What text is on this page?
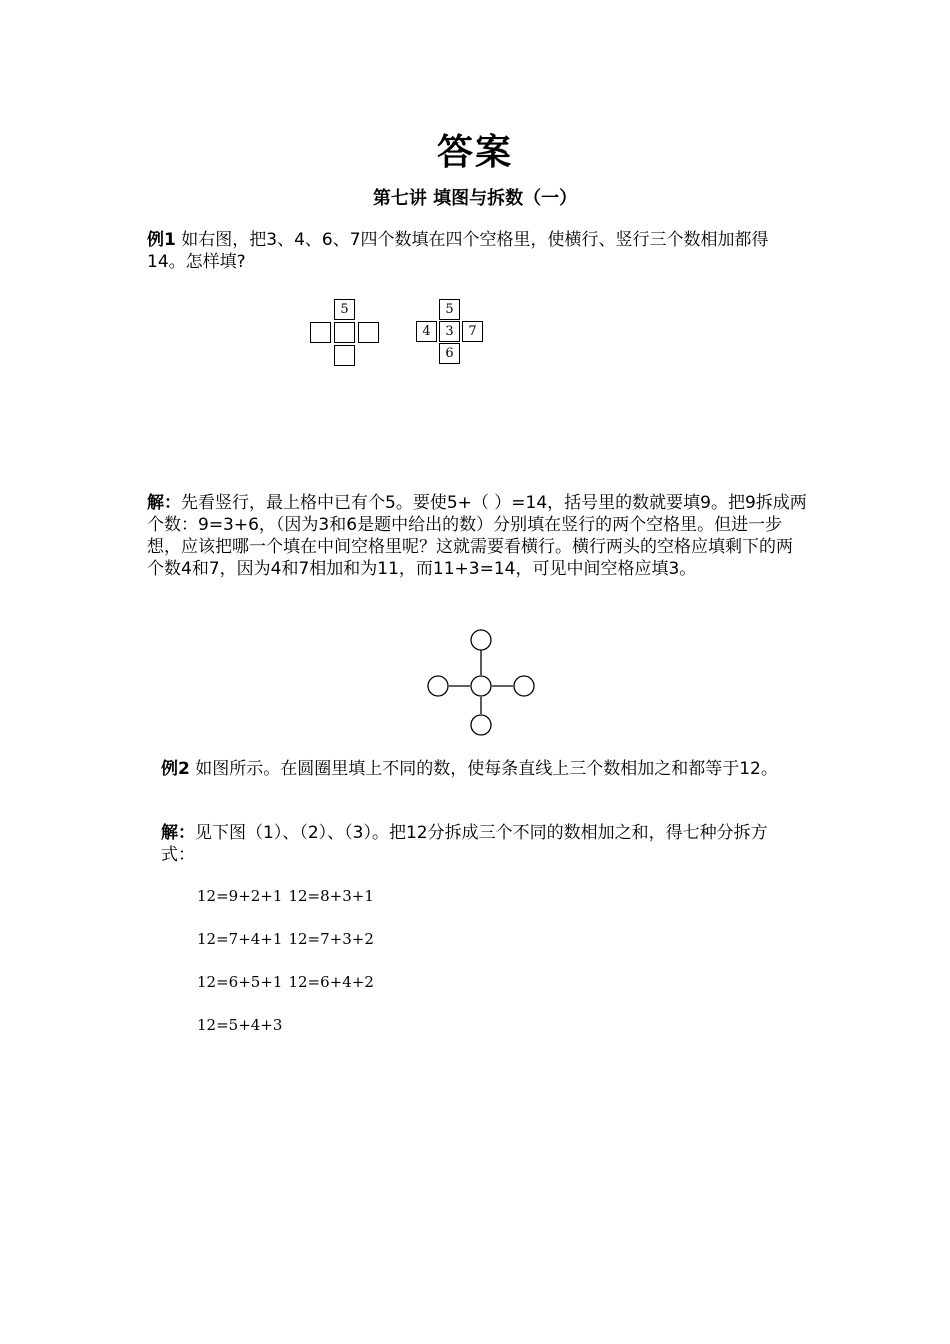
答案
第七讲 填图与拆数（一）
例1 如右图，把3、4、6、7四个数填在四个空格里，使横行、竖行三个数相加都得14。怎样填?
5	5
4	3	7
6
解：先看竖行，最上格中已有个5。要使5+（ ）=14，括号里的数就要填9。把9拆成两个数：9=3+6，（因为3和6是题中给出的数）分别填在竖行的两个空格里。但进一步想，应该把哪一个填在中间空格里呢？这就需要看横行。横行两头的空格应填剩下的两个数4和7，因为4和7相加和为11，而11+3=14，可见中间空格应填3。
例2 如图所示。在圆圈里填上不同的数，使每条直线上三个数相加之和都等于12。
解：见下图（1）、（2）、（3）。把12分拆成三个不同的数相加之和，得七种分拆方式：
12=9+2+1 12=8+3+1
12=7+4+1 12=7+3+2
12=6+5+1 12=6+4+2
12=5+4+3
